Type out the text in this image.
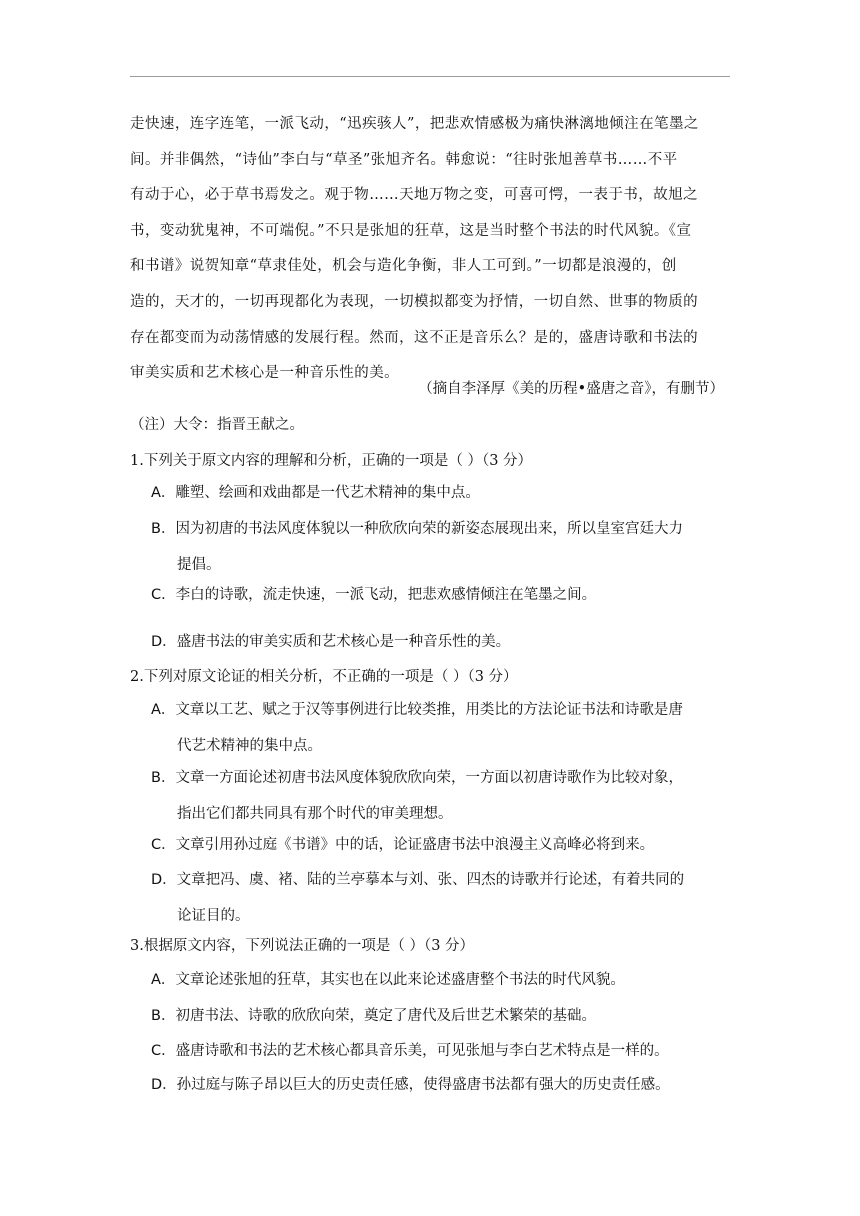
走快速，连字连笔，一派飞动，“迅疾骇人”，把悲欢情感极为痛快淋漓地倾注在笔墨之

间。并非偶然，“诗仙”李白与“草圣”张旭齐名。韩愈说：“往时张旭善草书……不平

有动于心，必于草书焉发之。观于物……天地万物之变，可喜可愕，一表于书，故旭之

书，变动犹鬼神，不可端倪。”不只是张旭的狂草，这是当时整个书法的时代风貌。《宣

和书谱》说贺知章“草隶佳处，机会与造化争衡，非人工可到。”一切都是浪漫的，创

造的，天才的，一切再现都化为表现，一切模拟都变为抒情，一切自然、世事的物质的

存在都变而为动荡情感的发展行程。然而，这不正是音乐么？是的，盛唐诗歌和书法的

审美实质和艺术核心是一种音乐性的美。

（摘自李泽厚《美的历程•盛唐之音》，有删节）
（注）大令：指晋王献之。
1.下列关于原文内容的理解和分析，正确的一项是（ ）（3 分）
A．雕塑、绘画和戏曲都是一代艺术精神的集中点。
B．因为初唐的书法风度体貌以一种欣欣向荣的新姿态展现出来，所以皇室宫廷大力
提倡。
C．李白的诗歌，流走快速，一派飞动，把悲欢感情倾注在笔墨之间。
D．盛唐书法的审美实质和艺术核心是一种音乐性的美。
2.下列对原文论证的相关分析，不正确的一项是（ ）（3 分）
A．文章以工艺、赋之于汉等事例进行比较类推，用类比的方法论证书法和诗歌是唐
代艺术精神的集中点。
B．文章一方面论述初唐书法风度体貌欣欣向荣，一方面以初唐诗歌作为比较对象，
指出它们都共同具有那个时代的审美理想。
C．文章引用孙过庭《书谱》中的话，论证盛唐书法中浪漫主义高峰必将到来。
D．文章把冯、虞、褚、陆的兰亭摹本与刘、张、四杰的诗歌并行论述，有着共同的
论证目的。
3.根据原文内容，下列说法正确的一项是（ ）（3 分）
A．文章论述张旭的狂草，其实也在以此来论述盛唐整个书法的时代风貌。
B．初唐书法、诗歌的欣欣向荣，奠定了唐代及后世艺术繁荣的基础。
C．盛唐诗歌和书法的艺术核心都具音乐美，可见张旭与李白艺术特点是一样的。
D．孙过庭与陈子昂以巨大的历史责任感，使得盛唐书法都有强大的历史责任感。
